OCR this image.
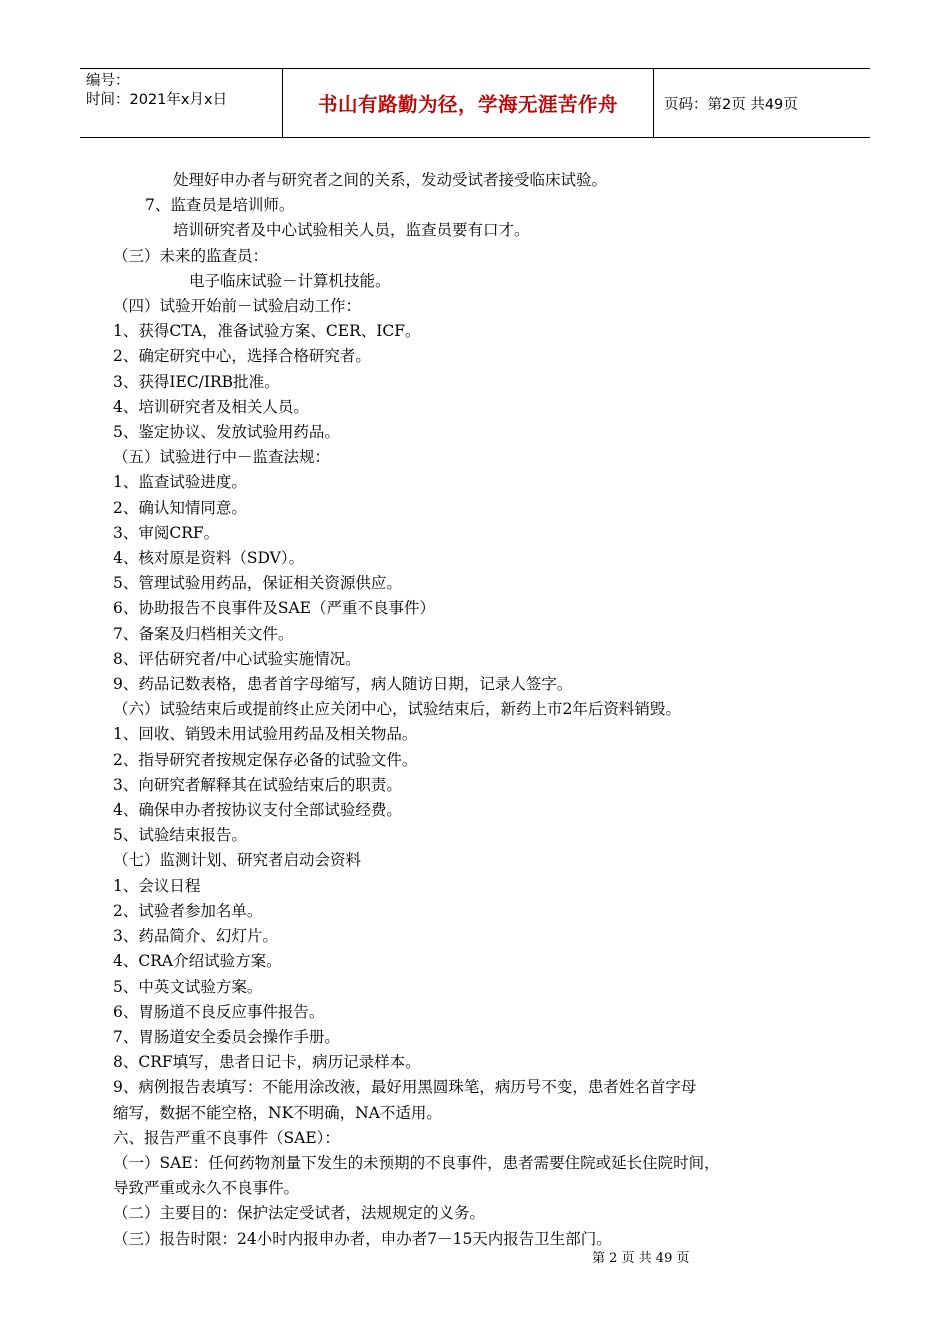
编号：
时间：2021年x月x日	书山有路勤为径，学海无涯苦作舟	页码：第2页 共49页
处理好申办者与研究者之间的关系，发动受试者接受临床试验。
7、监查员是培训师。
培训研究者及中心试验相关人员，监查员要有口才。
（三）未来的监查员：
电子临床试验－计算机技能。
（四）试验开始前－试验启动工作：
1、获得CTA，准备试验方案、CER、ICF。
2、确定研究中心，选择合格研究者。
3、获得IEC/IRB批准。
4、培训研究者及相关人员。
5、鉴定协议、发放试验用药品。
（五）试验进行中－监查法规：
1、监查试验进度。
2、确认知情同意。
3、审阅CRF。
4、核对原是资料（SDV）。
5、管理试验用药品，保证相关资源供应。
6、协助报告不良事件及SAE（严重不良事件）
7、备案及归档相关文件。
8、评估研究者/中心试验实施情况。
9、药品记数表格，患者首字母缩写，病人随访日期，记录人签字。
（六）试验结束后或提前终止应关闭中心，试验结束后，新药上市2年后资料销毁。
1、回收、销毁未用试验用药品及相关物品。
2、指导研究者按规定保存必备的试验文件。
3、向研究者解释其在试验结束后的职责。
4、确保申办者按协议支付全部试验经费。
5、试验结束报告。
（七）监测计划、研究者启动会资料
1、会议日程
2、试验者参加名单。
3、药品简介、幻灯片。
4、CRA介绍试验方案。
5、中英文试验方案。
6、胃肠道不良反应事件报告。
7、胃肠道安全委员会操作手册。
8、CRF填写，患者日记卡，病历记录样本。
9、病例报告表填写：不能用涂改液，最好用黑圆珠笔，病历号不变，患者姓名首字母
缩写，数据不能空格，NK不明确，NA不适用。
六、报告严重不良事件（SAE）：
（一）SAE：任何药物剂量下发生的未预期的不良事件，患者需要住院或延长住院时间，
导致严重或永久不良事件。
（二）主要目的：保护法定受试者，法规规定的义务。
（三）报告时限：24小时内报申办者，申办者7－15天内报告卫生部门。
第 2 页 共 49 页
